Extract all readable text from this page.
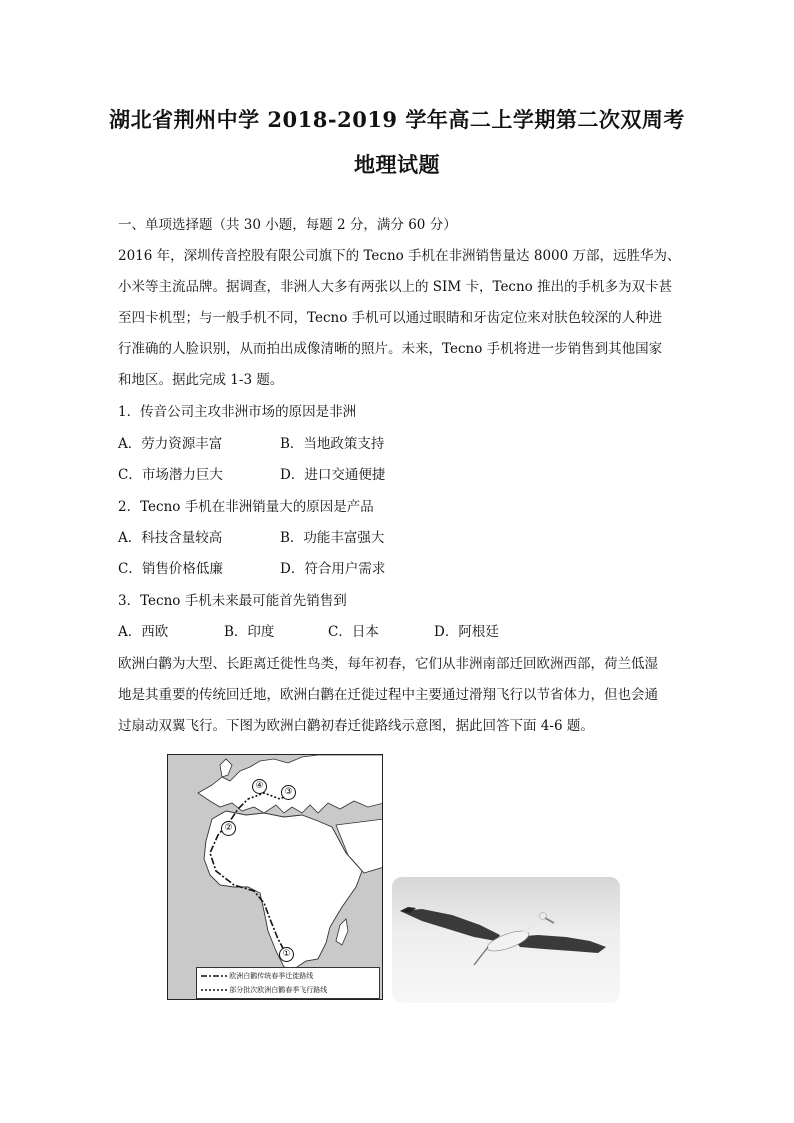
湖北省荆州中学 2018-2019 学年高二上学期第二次双周考
地理试题
一、单项选择题（共 30 小题，每题 2 分，满分 60 分）
2016 年，深圳传音控股有限公司旗下的 Tecno 手机在非洲销售量达 8000 万部，远胜华为、
小米等主流品牌。据调查，非洲人大多有两张以上的 SIM 卡，Tecno 推出的手机多为双卡甚
至四卡机型；与一般手机不同，Tecno 手机可以通过眼睛和牙齿定位来对肤色较深的人种进
行准确的人脸识别，从而拍出成像清晰的照片。未来，Tecno 手机将进一步销售到其他国家
和地区。据此完成 1-3 题。
1．传音公司主攻非洲市场的原因是非洲
A．劳力资源丰富	B．当地政策支持
C．市场潜力巨大	D．进口交通便捷
2．Tecno 手机在非洲销量大的原因是产品
A．科技含量较高	B．功能丰富强大
C．销售价格低廉	D．符合用户需求
3．Tecno 手机未来最可能首先销售到
A．西欧	B．印度	C．日本	D．阿根廷
欧洲白鹳为大型、长距离迁徙性鸟类，每年初春，它们从非洲南部迁回欧洲西部，荷兰低湿
地是其重要的传统回迁地，欧洲白鹳在迁徙过程中主要通过滑翔飞行以节省体力，但也会通
过扇动双翼飞行。下图为欧洲白鹳初春迁徙路线示意图，据此回答下面 4-6 题。
①
②
③
④
欧洲白鹳传统春季迁徙路线
部分批次欧洲白鹳春季飞行路线
